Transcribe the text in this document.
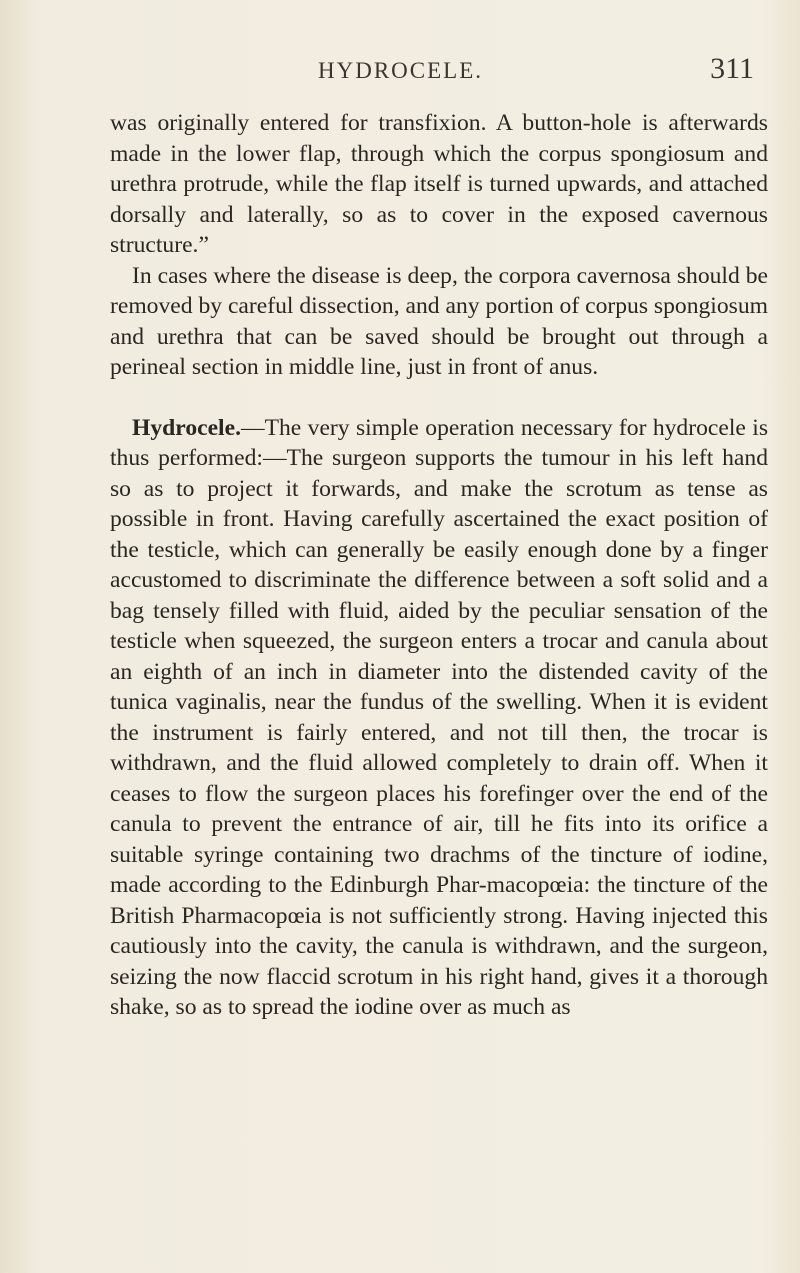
HYDROCELE.	311

was originally entered for transfixion. A button-hole is afterwards made in the lower flap, through which the corpus spongiosum and urethra protrude, while the flap itself is turned upwards, and attached dorsally and laterally, so as to cover in the exposed cavernous structure.”

In cases where the disease is deep, the corpora cavernosa should be removed by careful dissection, and any portion of corpus spongiosum and urethra that can be saved should be brought out through a perineal section in middle line, just in front of anus.

Hydrocele.—The very simple operation necessary for hydrocele is thus performed:—The surgeon supports the tumour in his left hand so as to project it forwards, and make the scrotum as tense as possible in front. Having carefully ascertained the exact position of the testicle, which can generally be easily enough done by a finger accustomed to discriminate the difference between a soft solid and a bag tensely filled with fluid, aided by the peculiar sensation of the testicle when squeezed, the surgeon enters a trocar and canula about an eighth of an inch in diameter into the distended cavity of the tunica vaginalis, near the fundus of the swelling. When it is evident the instrument is fairly entered, and not till then, the trocar is withdrawn, and the fluid allowed completely to drain off. When it ceases to flow the surgeon places his forefinger over the end of the canula to prevent the entrance of air, till he fits into its orifice a suitable syringe containing two drachms of the tincture of iodine, made according to the Edinburgh Phar-macopœia: the tincture of the British Pharmacopœia is not sufficiently strong. Having injected this cautiously into the cavity, the canula is withdrawn, and the surgeon, seizing the now flaccid scrotum in his right hand, gives it a thorough shake, so as to spread the iodine over as much as
